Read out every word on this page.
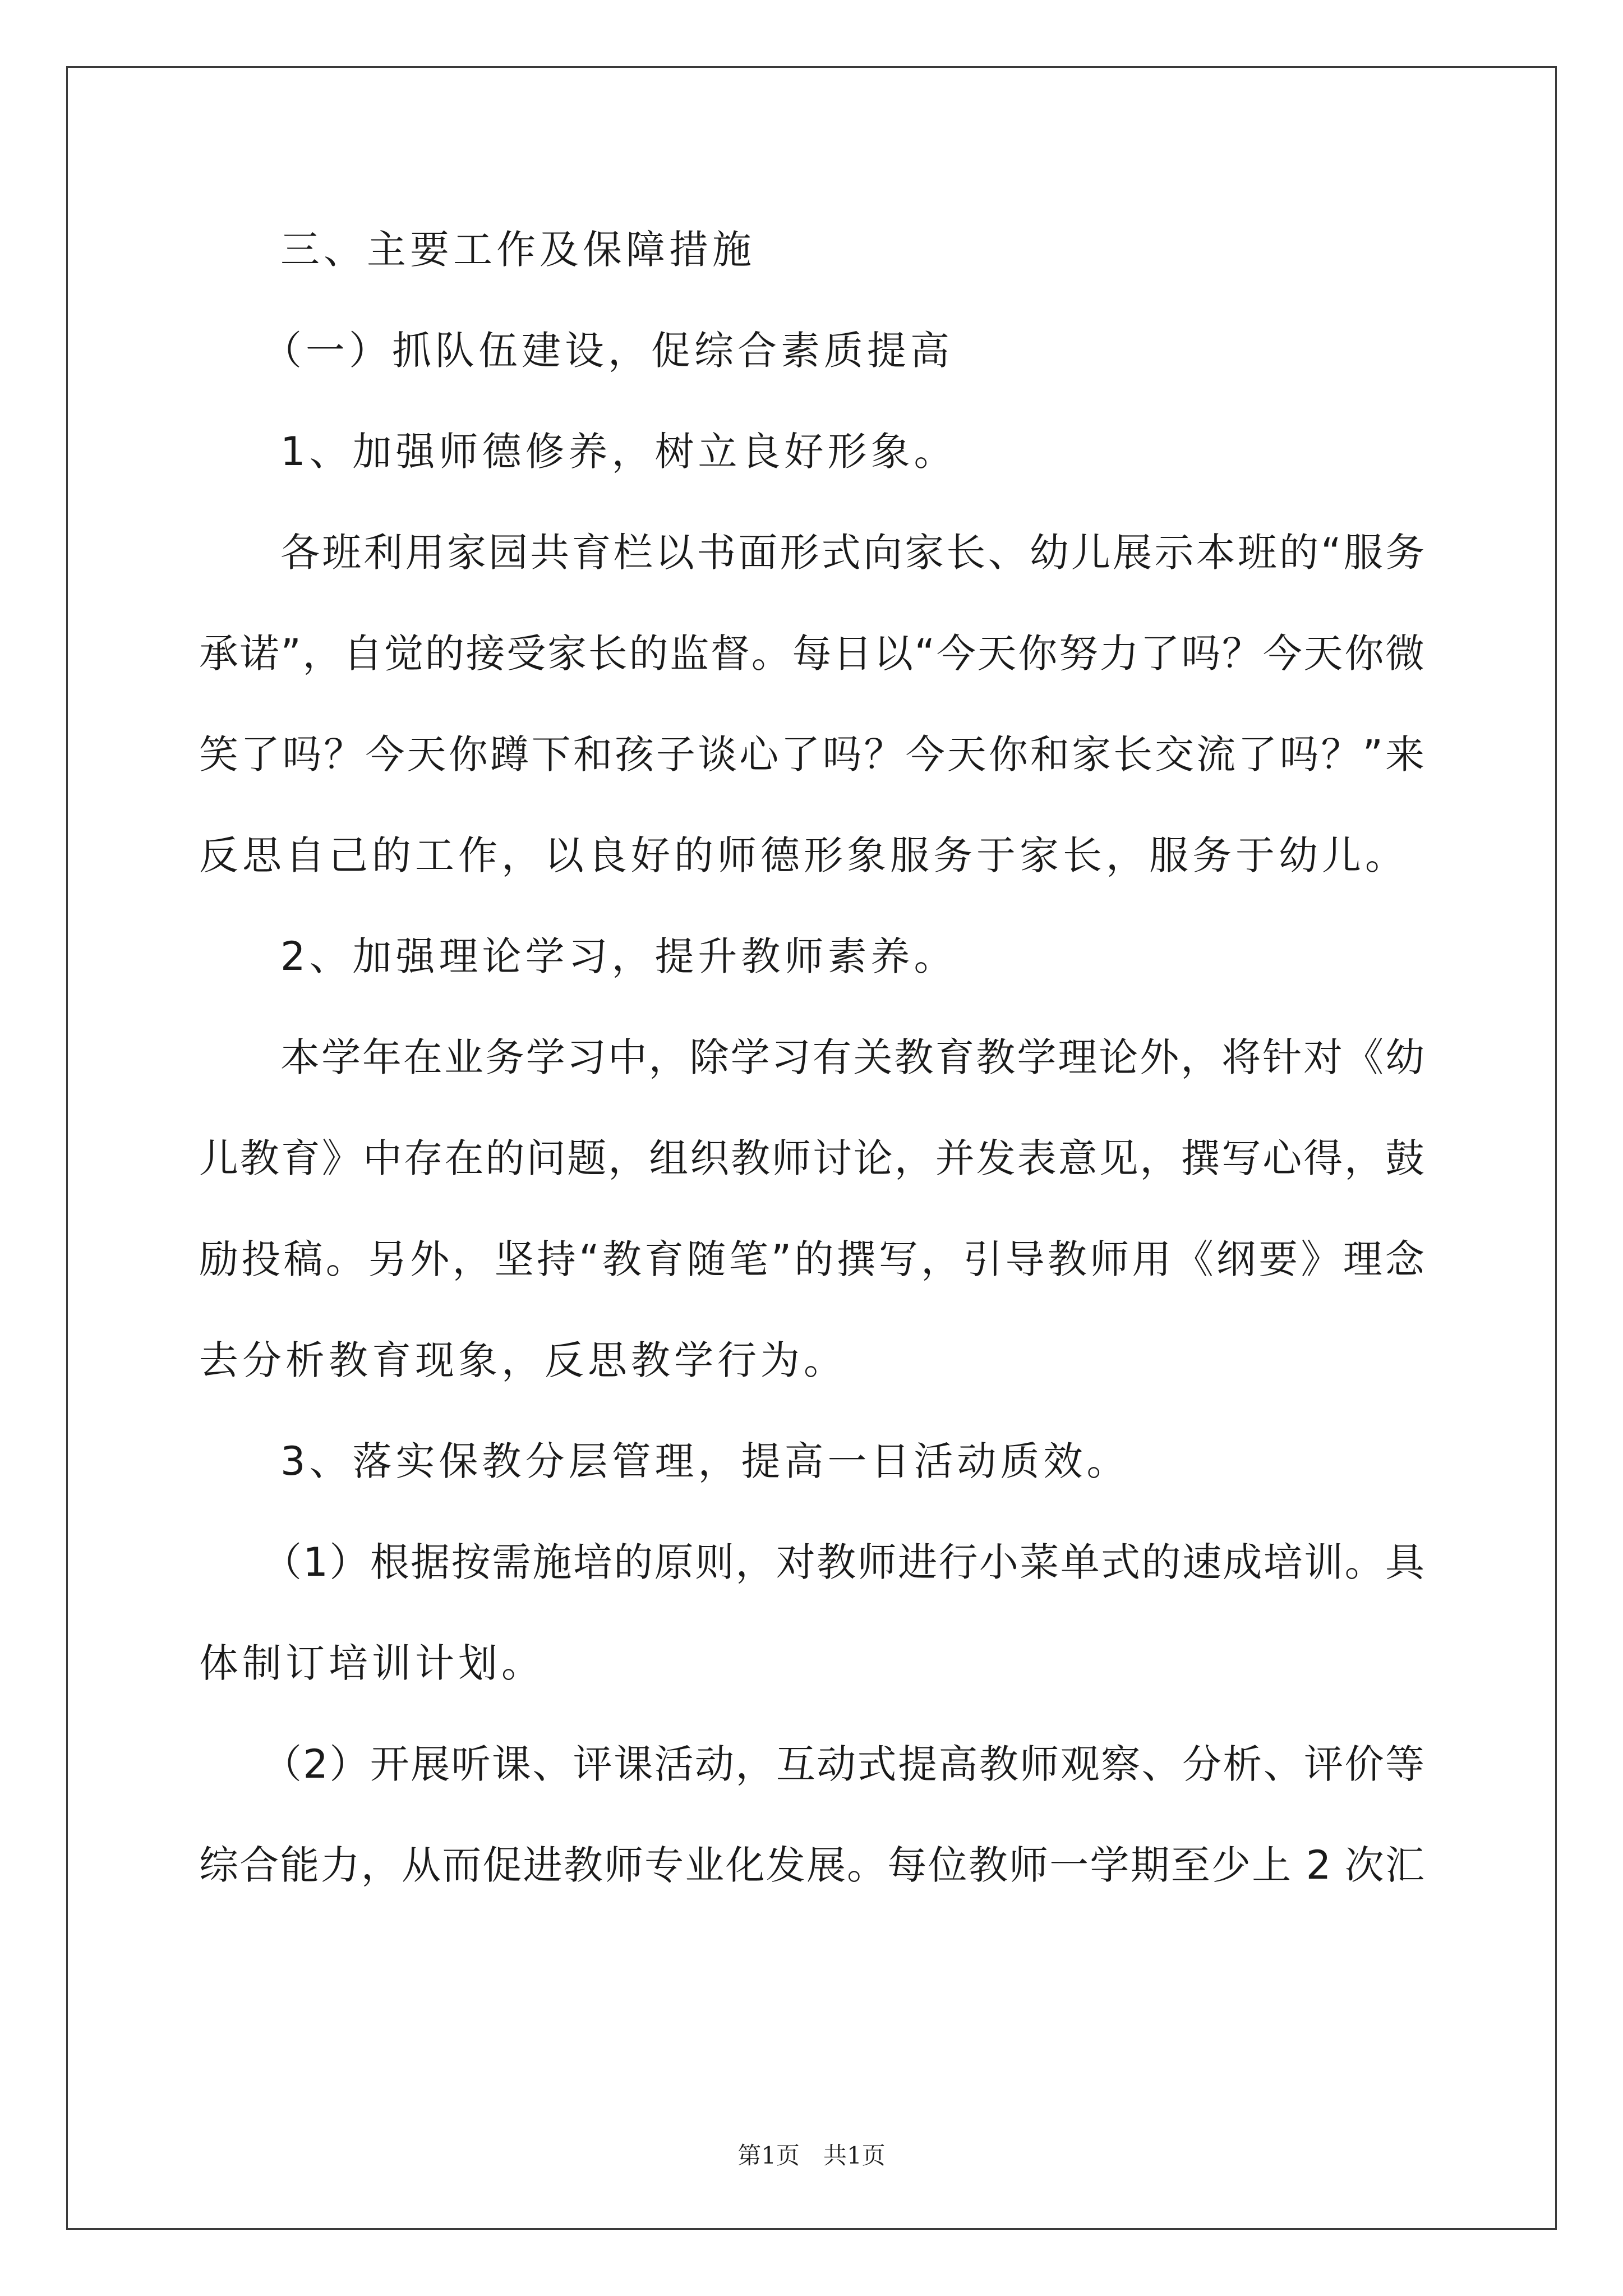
三、主要工作及保障措施
（一）抓队伍建设，促综合素质提高
1、加强师德修养，树立良好形象。
各班利用家园共育栏以书面形式向家长、幼儿展示本班的“服务
承诺”，自觉的接受家长的监督。每日以“今天你努力了吗？今天你微
笑了吗？今天你蹲下和孩子谈心了吗？今天你和家长交流了吗？”来
反思自己的工作，以良好的师德形象服务于家长，服务于幼儿。
2、加强理论学习，提升教师素养。
本学年在业务学习中，除学习有关教育教学理论外，将针对《幼
儿教育》中存在的问题，组织教师讨论，并发表意见，撰写心得，鼓
励投稿。另外，坚持“教育随笔”的撰写，引导教师用《纲要》理念
去分析教育现象，反思教学行为。
3、落实保教分层管理，提高一日活动质效。
（1）根据按需施培的原则，对教师进行小菜单式的速成培训。具
体制订培训计划。
（2）开展听课、评课活动，互动式提高教师观察、分析、评价等
综合能力，从而促进教师专业化发展。每位教师一学期至少上 2 次汇
第1页　共1页
